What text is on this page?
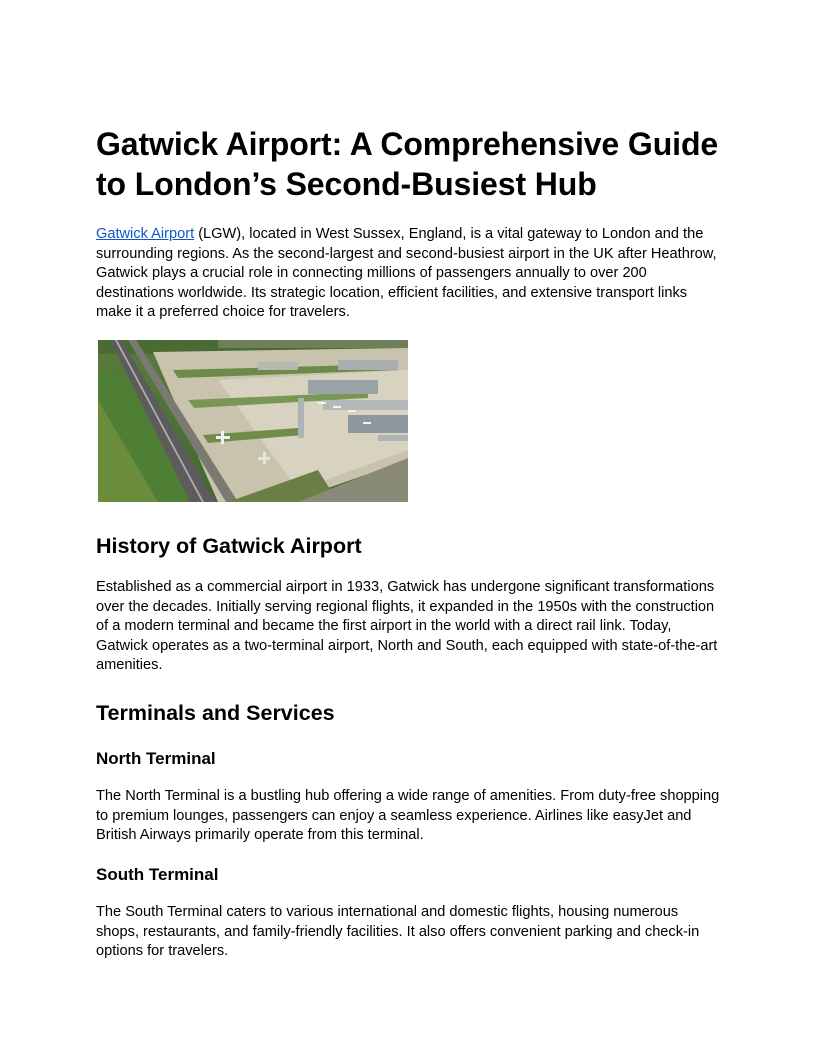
Gatwick Airport: A Comprehensive Guide to London’s Second-Busiest Hub

Gatwick Airport (LGW), located in West Sussex, England, is a vital gateway to London and the surrounding regions. As the second-largest and second-busiest airport in the UK after Heathrow, Gatwick plays a crucial role in connecting millions of passengers annually to over 200 destinations worldwide. Its strategic location, efficient facilities, and extensive transport links make it a preferred choice for travelers.

History of Gatwick Airport

Established as a commercial airport in 1933, Gatwick has undergone significant transformations over the decades. Initially serving regional flights, it expanded in the 1950s with the construction of a modern terminal and became the first airport in the world with a direct rail link. Today, Gatwick operates as a two-terminal airport, North and South, each equipped with state-of-the-art amenities.

Terminals and Services
North Terminal

The North Terminal is a bustling hub offering a wide range of amenities. From duty-free shopping to premium lounges, passengers can enjoy a seamless experience. Airlines like easyJet and British Airways primarily operate from this terminal.

South Terminal

The South Terminal caters to various international and domestic flights, housing numerous shops, restaurants, and family-friendly facilities. It also offers convenient parking and check-in options for travelers.
